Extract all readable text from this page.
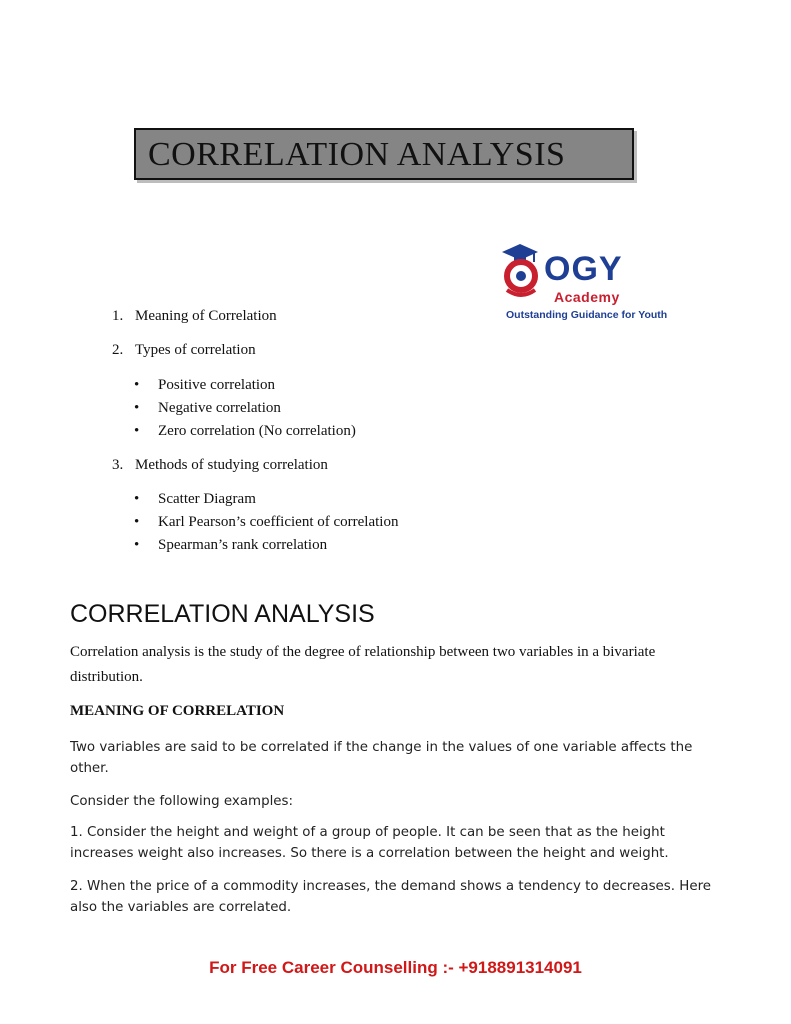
CORRELATION ANALYSIS
OGY
Academy
Outstanding Guidance for Youth
1. Meaning of Correlation
2. Types of correlation
• Positive correlation
• Negative correlation
• Zero correlation (No correlation)
3. Methods of studying correlation
• Scatter Diagram
• Karl Pearson’s coefficient of correlation
• Spearman’s rank correlation
CORRELATION ANALYSIS
Correlation analysis is the study of the degree of relationship between two variables in a bivariate distribution.
MEANING OF CORRELATION
Two variables are said to be correlated if the change in the values of one variable affects the other.
Consider the following examples:
1. Consider the height and weight of a group of people. It can be seen that as the height increases weight also increases. So there is a correlation between the height and weight.
2. When the price of a commodity increases, the demand shows a tendency to decreases. Here also the variables are correlated.
For Free Career Counselling :- +918891314091
